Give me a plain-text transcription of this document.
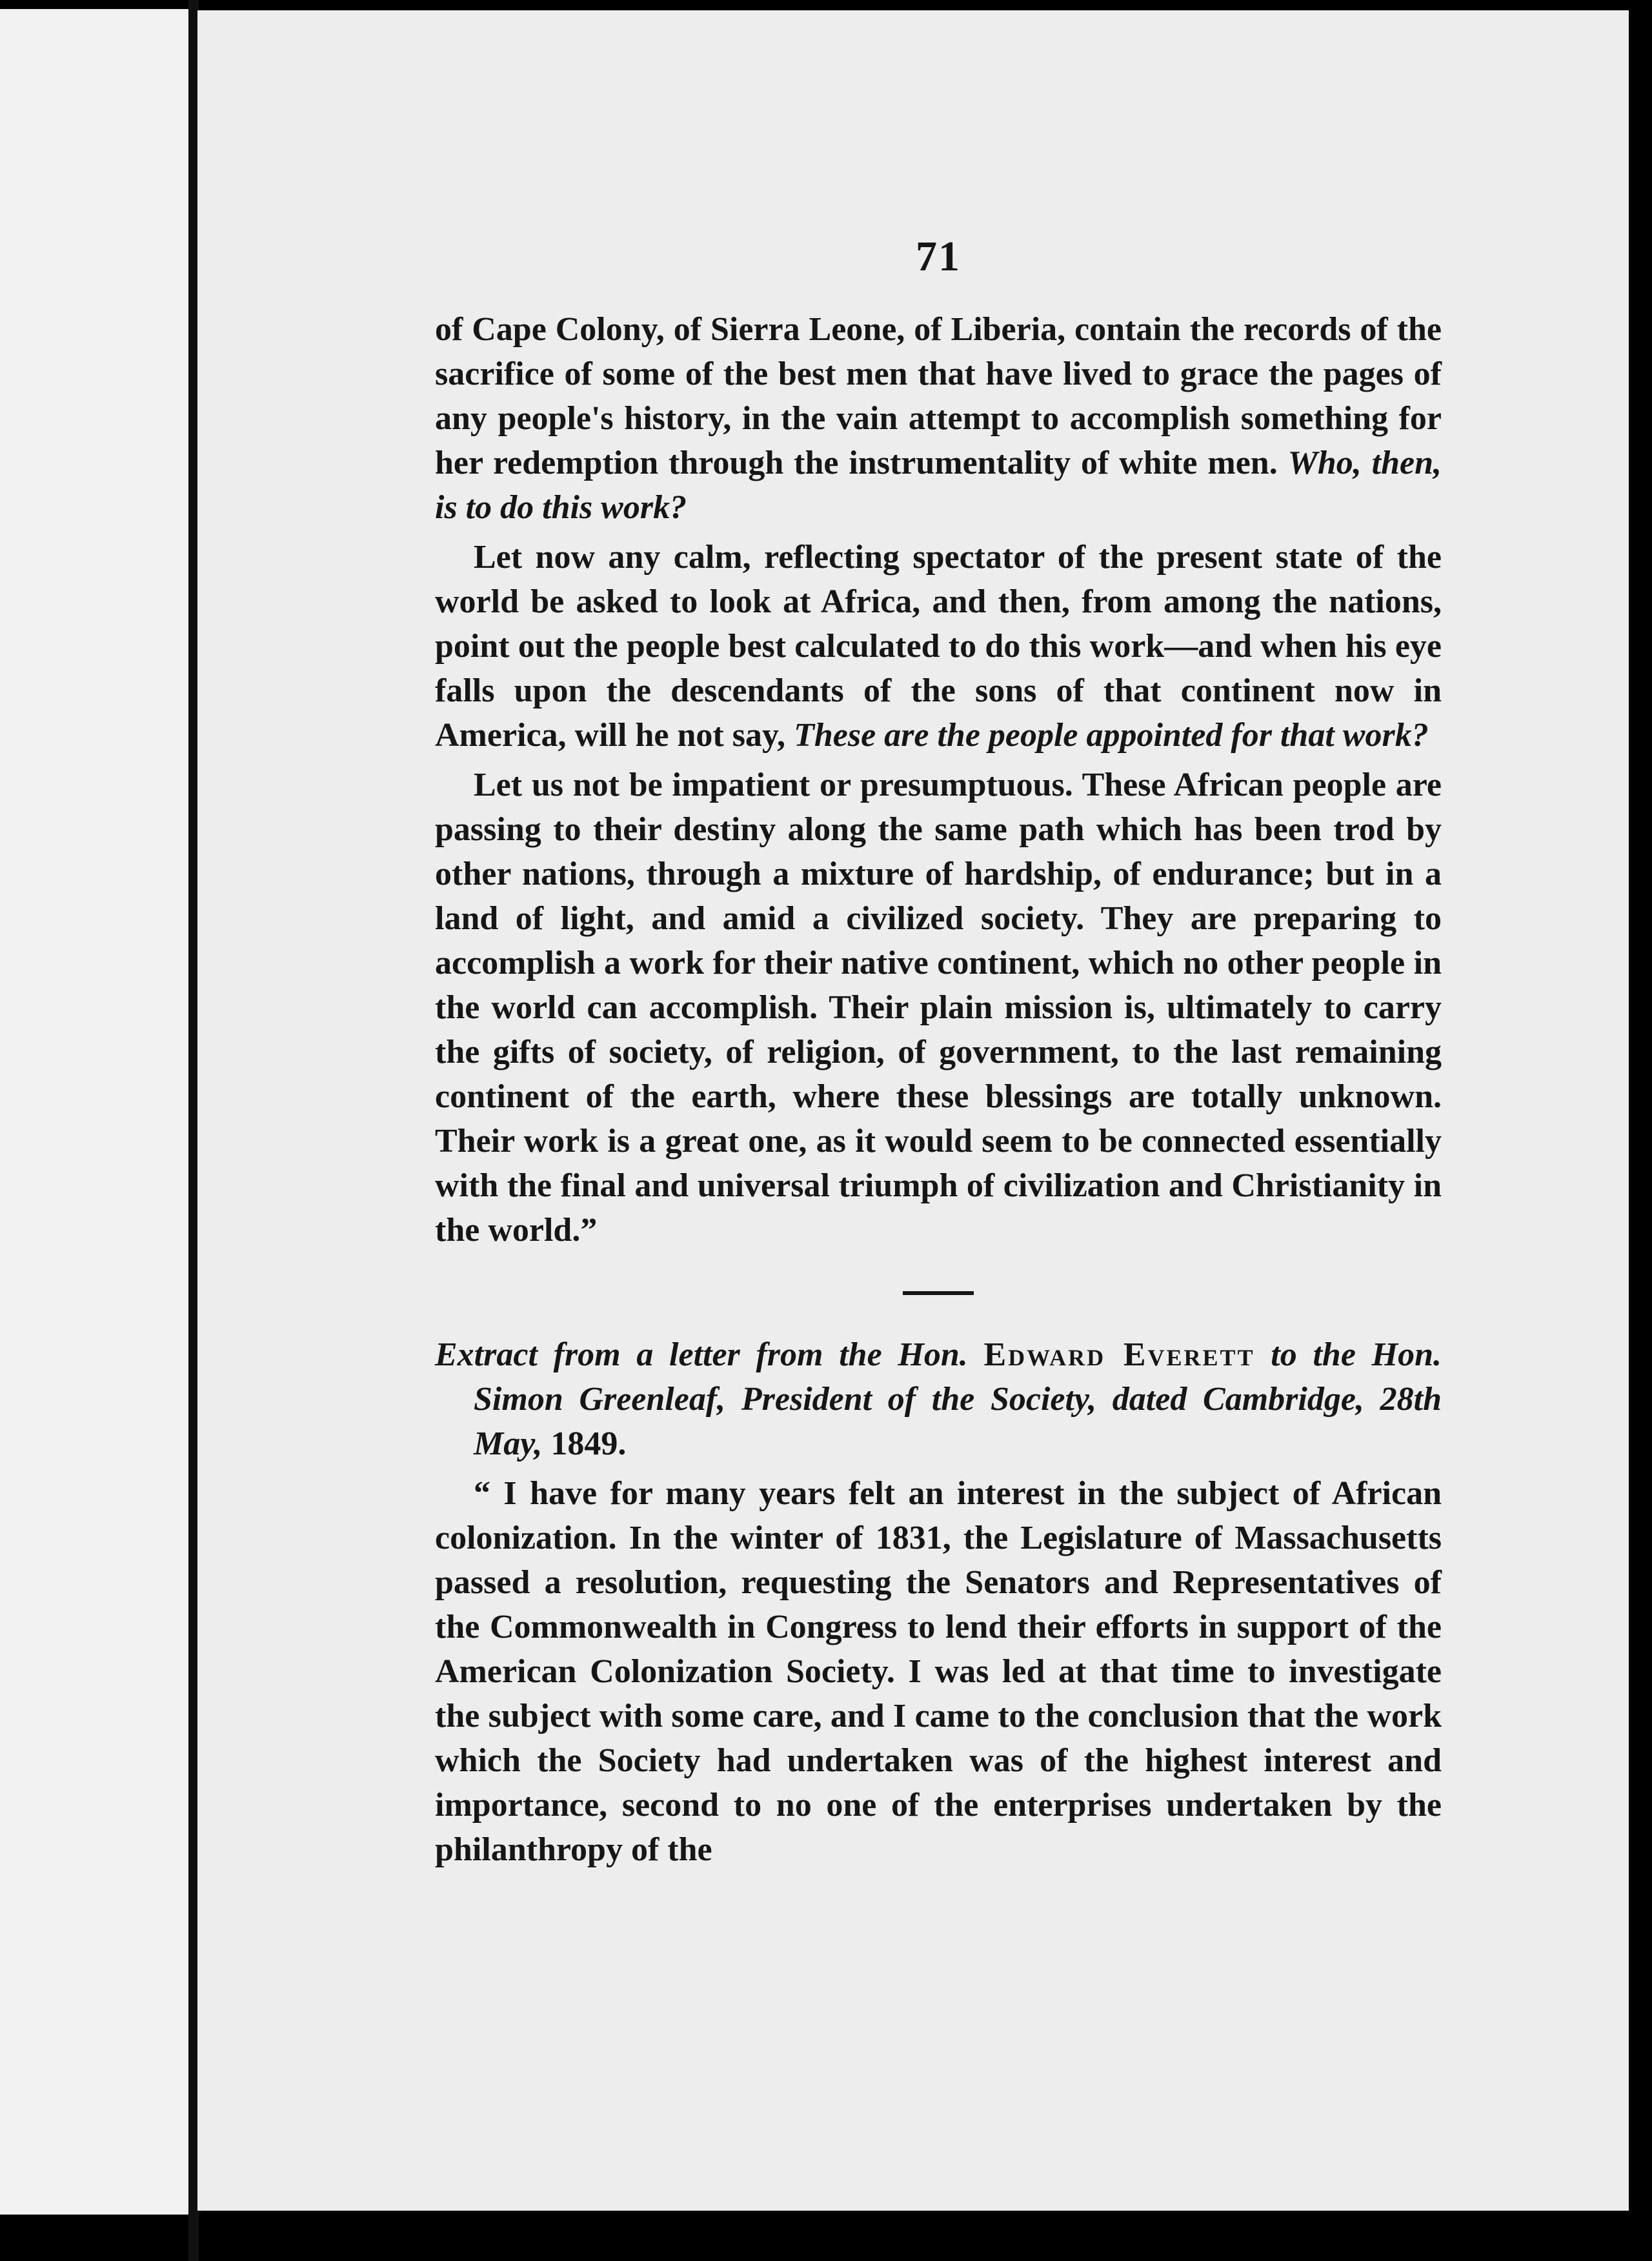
71

of Cape Colony, of Sierra Leone, of Liberia, contain the records of the sacrifice of some of the best men that have lived to grace the pages of any people's history, in the vain attempt to accomplish something for her redemption through the instrumentality of white men. Who, then, is to do this work?

Let now any calm, reflecting spectator of the present state of the world be asked to look at Africa, and then, from among the nations, point out the people best calculated to do this work—and when his eye falls upon the descendants of the sons of that continent now in America, will he not say, These are the people appointed for that work?

Let us not be impatient or presumptuous. These African people are passing to their destiny along the same path which has been trod by other nations, through a mixture of hardship, of endurance; but in a land of light, and amid a civilized society. They are preparing to accomplish a work for their native continent, which no other people in the world can accomplish. Their plain mission is, ultimately to carry the gifts of society, of religion, of government, to the last remaining continent of the earth, where these blessings are totally unknown. Their work is a great one, as it would seem to be connected essentially with the final and universal triumph of civilization and Christianity in the world.”

Extract from a letter from the Hon. Edward Everett to the Hon. Simon Greenleaf, President of the Society, dated Cambridge, 28th May, 1849.

“ I have for many years felt an interest in the subject of African colonization. In the winter of 1831, the Legislature of Massachusetts passed a resolution, requesting the Senators and Representatives of the Commonwealth in Congress to lend their efforts in support of the American Colonization Society. I was led at that time to investigate the subject with some care, and I came to the conclusion that the work which the Society had undertaken was of the highest interest and importance, second to no one of the enterprises undertaken by the philanthropy of the
